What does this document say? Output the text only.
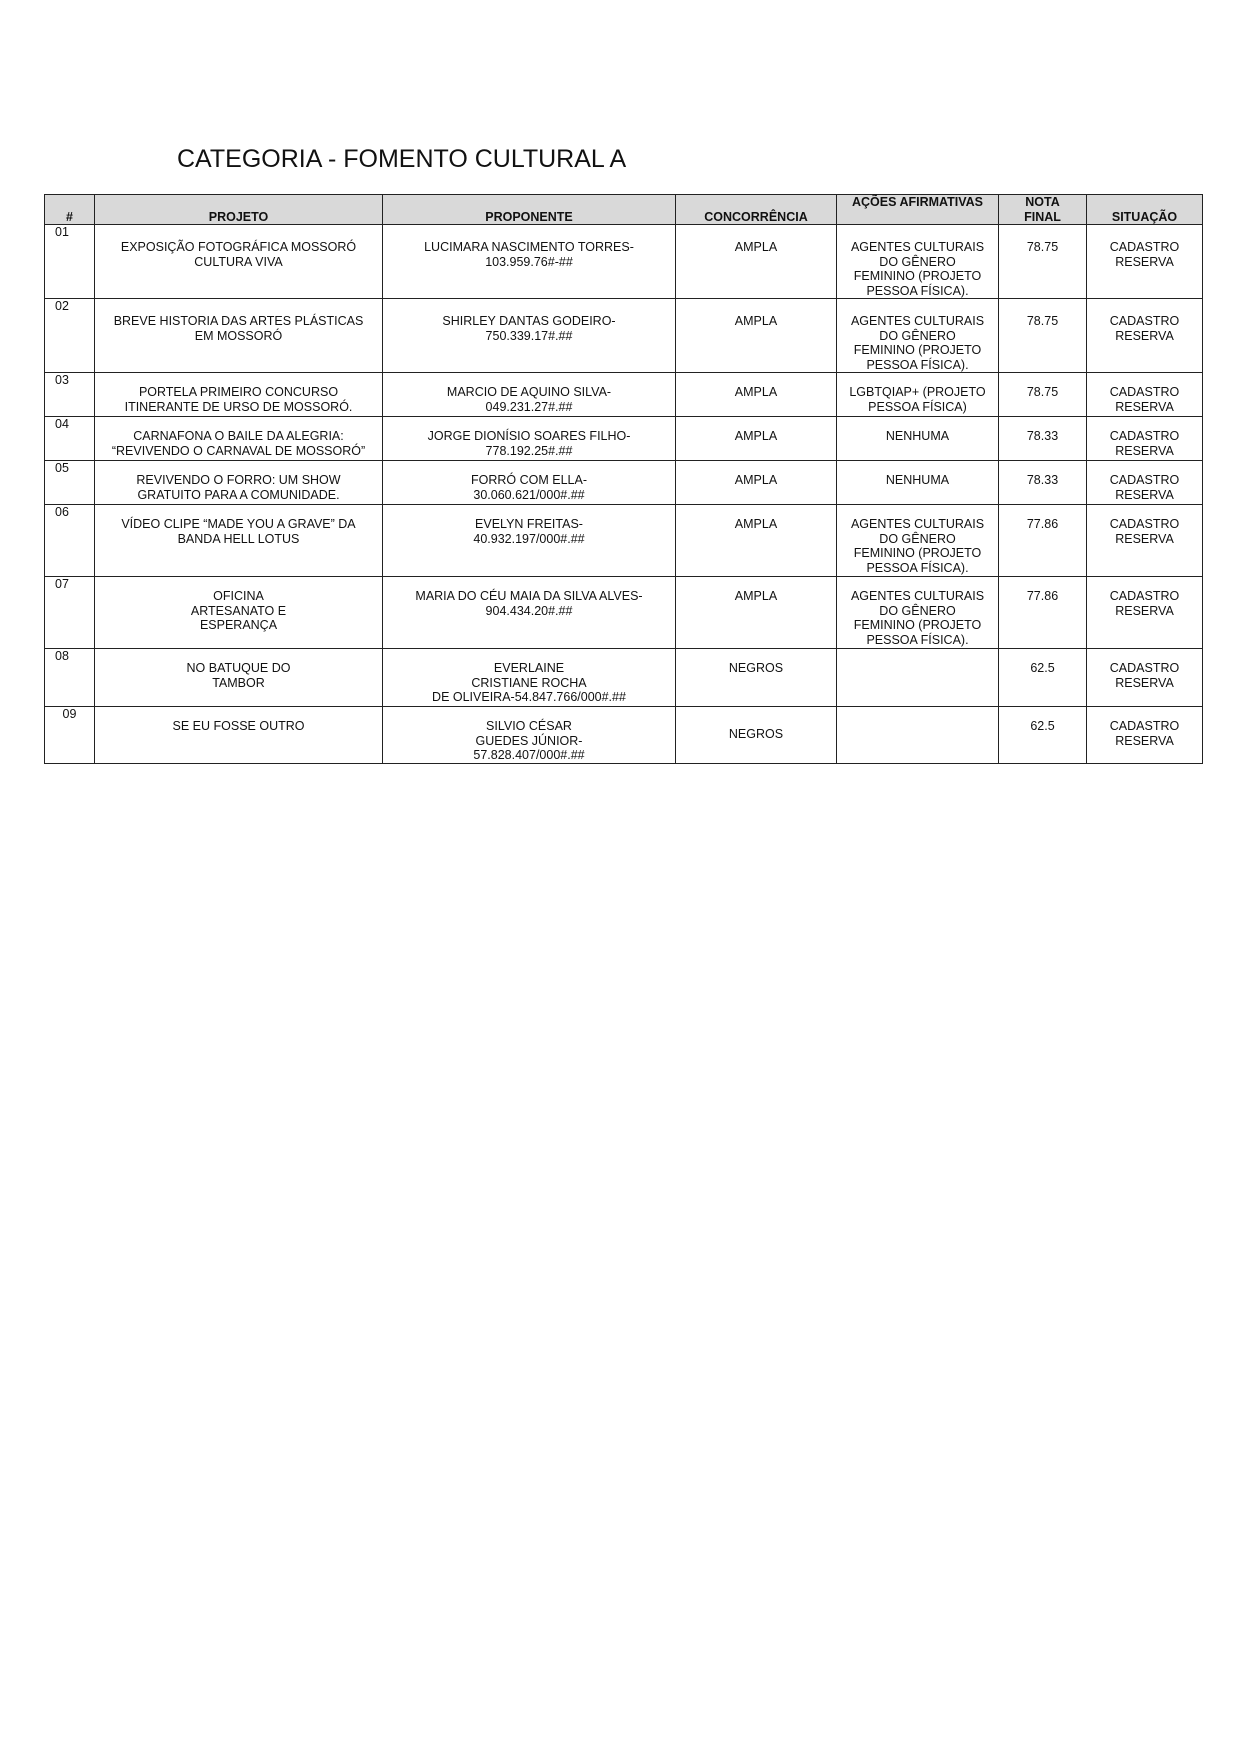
CATEGORIA - FOMENTO CULTURAL A
#	PROJETO	PROPONENTE	CONCORRÊNCIA	AÇÕES AFIRMATIVAS	NOTA
FINAL	SITUAÇÃO
01	EXPOSIÇÃO FOTOGRÁFICA MOSSORÓ
CULTURA VIVA	LUCIMARA NASCIMENTO TORRES-
103.959.76#-##	AMPLA	AGENTES CULTURAIS
DO GÊNERO
FEMININO (PROJETO
PESSOA FÍSICA).	78.75	CADASTRO
RESERVA
02	BREVE HISTORIA DAS ARTES PLÁSTICAS
EM MOSSORÓ	SHIRLEY DANTAS GODEIRO-
750.339.17#.##	AMPLA	AGENTES CULTURAIS
DO GÊNERO
FEMININO (PROJETO
PESSOA FÍSICA).	78.75	CADASTRO
RESERVA
03	PORTELA PRIMEIRO CONCURSO
ITINERANTE DE URSO DE MOSSORÓ.	MARCIO DE AQUINO SILVA-
049.231.27#.##	AMPLA	LGBTQIAP+ (PROJETO
PESSOA FÍSICA)	78.75	CADASTRO
RESERVA
04	CARNAFONA O BAILE DA ALEGRIA:
“REVIVENDO O CARNAVAL DE MOSSORÓ”	JORGE DIONÍSIO SOARES FILHO-
778.192.25#.##	AMPLA	NENHUMA	78.33	CADASTRO
RESERVA
05	REVIVENDO O FORRO: UM SHOW
GRATUITO PARA A COMUNIDADE.	FORRÓ COM ELLA-
30.060.621/000#.##	AMPLA	NENHUMA	78.33	CADASTRO
RESERVA
06	VÍDEO CLIPE “MADE YOU A GRAVE” DA
BANDA HELL LOTUS	EVELYN FREITAS-
40.932.197/000#.##	AMPLA	AGENTES CULTURAIS
DO GÊNERO
FEMININO (PROJETO
PESSOA FÍSICA).	77.86	CADASTRO
RESERVA
07	OFICINA
ARTESANATO E
ESPERANÇA	MARIA DO CÉU MAIA DA SILVA ALVES-
904.434.20#.##	AMPLA	AGENTES CULTURAIS
DO GÊNERO
FEMININO (PROJETO
PESSOA FÍSICA).	77.86	CADASTRO
RESERVA
08	NO BATUQUE DO
TAMBOR	EVERLAINE
CRISTIANE ROCHA
DE OLIVEIRA-54.847.766/000#.##	NEGROS		62.5	CADASTRO
RESERVA
09	SE EU FOSSE OUTRO	SILVIO CÉSAR
GUEDES JÚNIOR-
57.828.407/000#.##	NEGROS		62.5	CADASTRO
RESERVA
